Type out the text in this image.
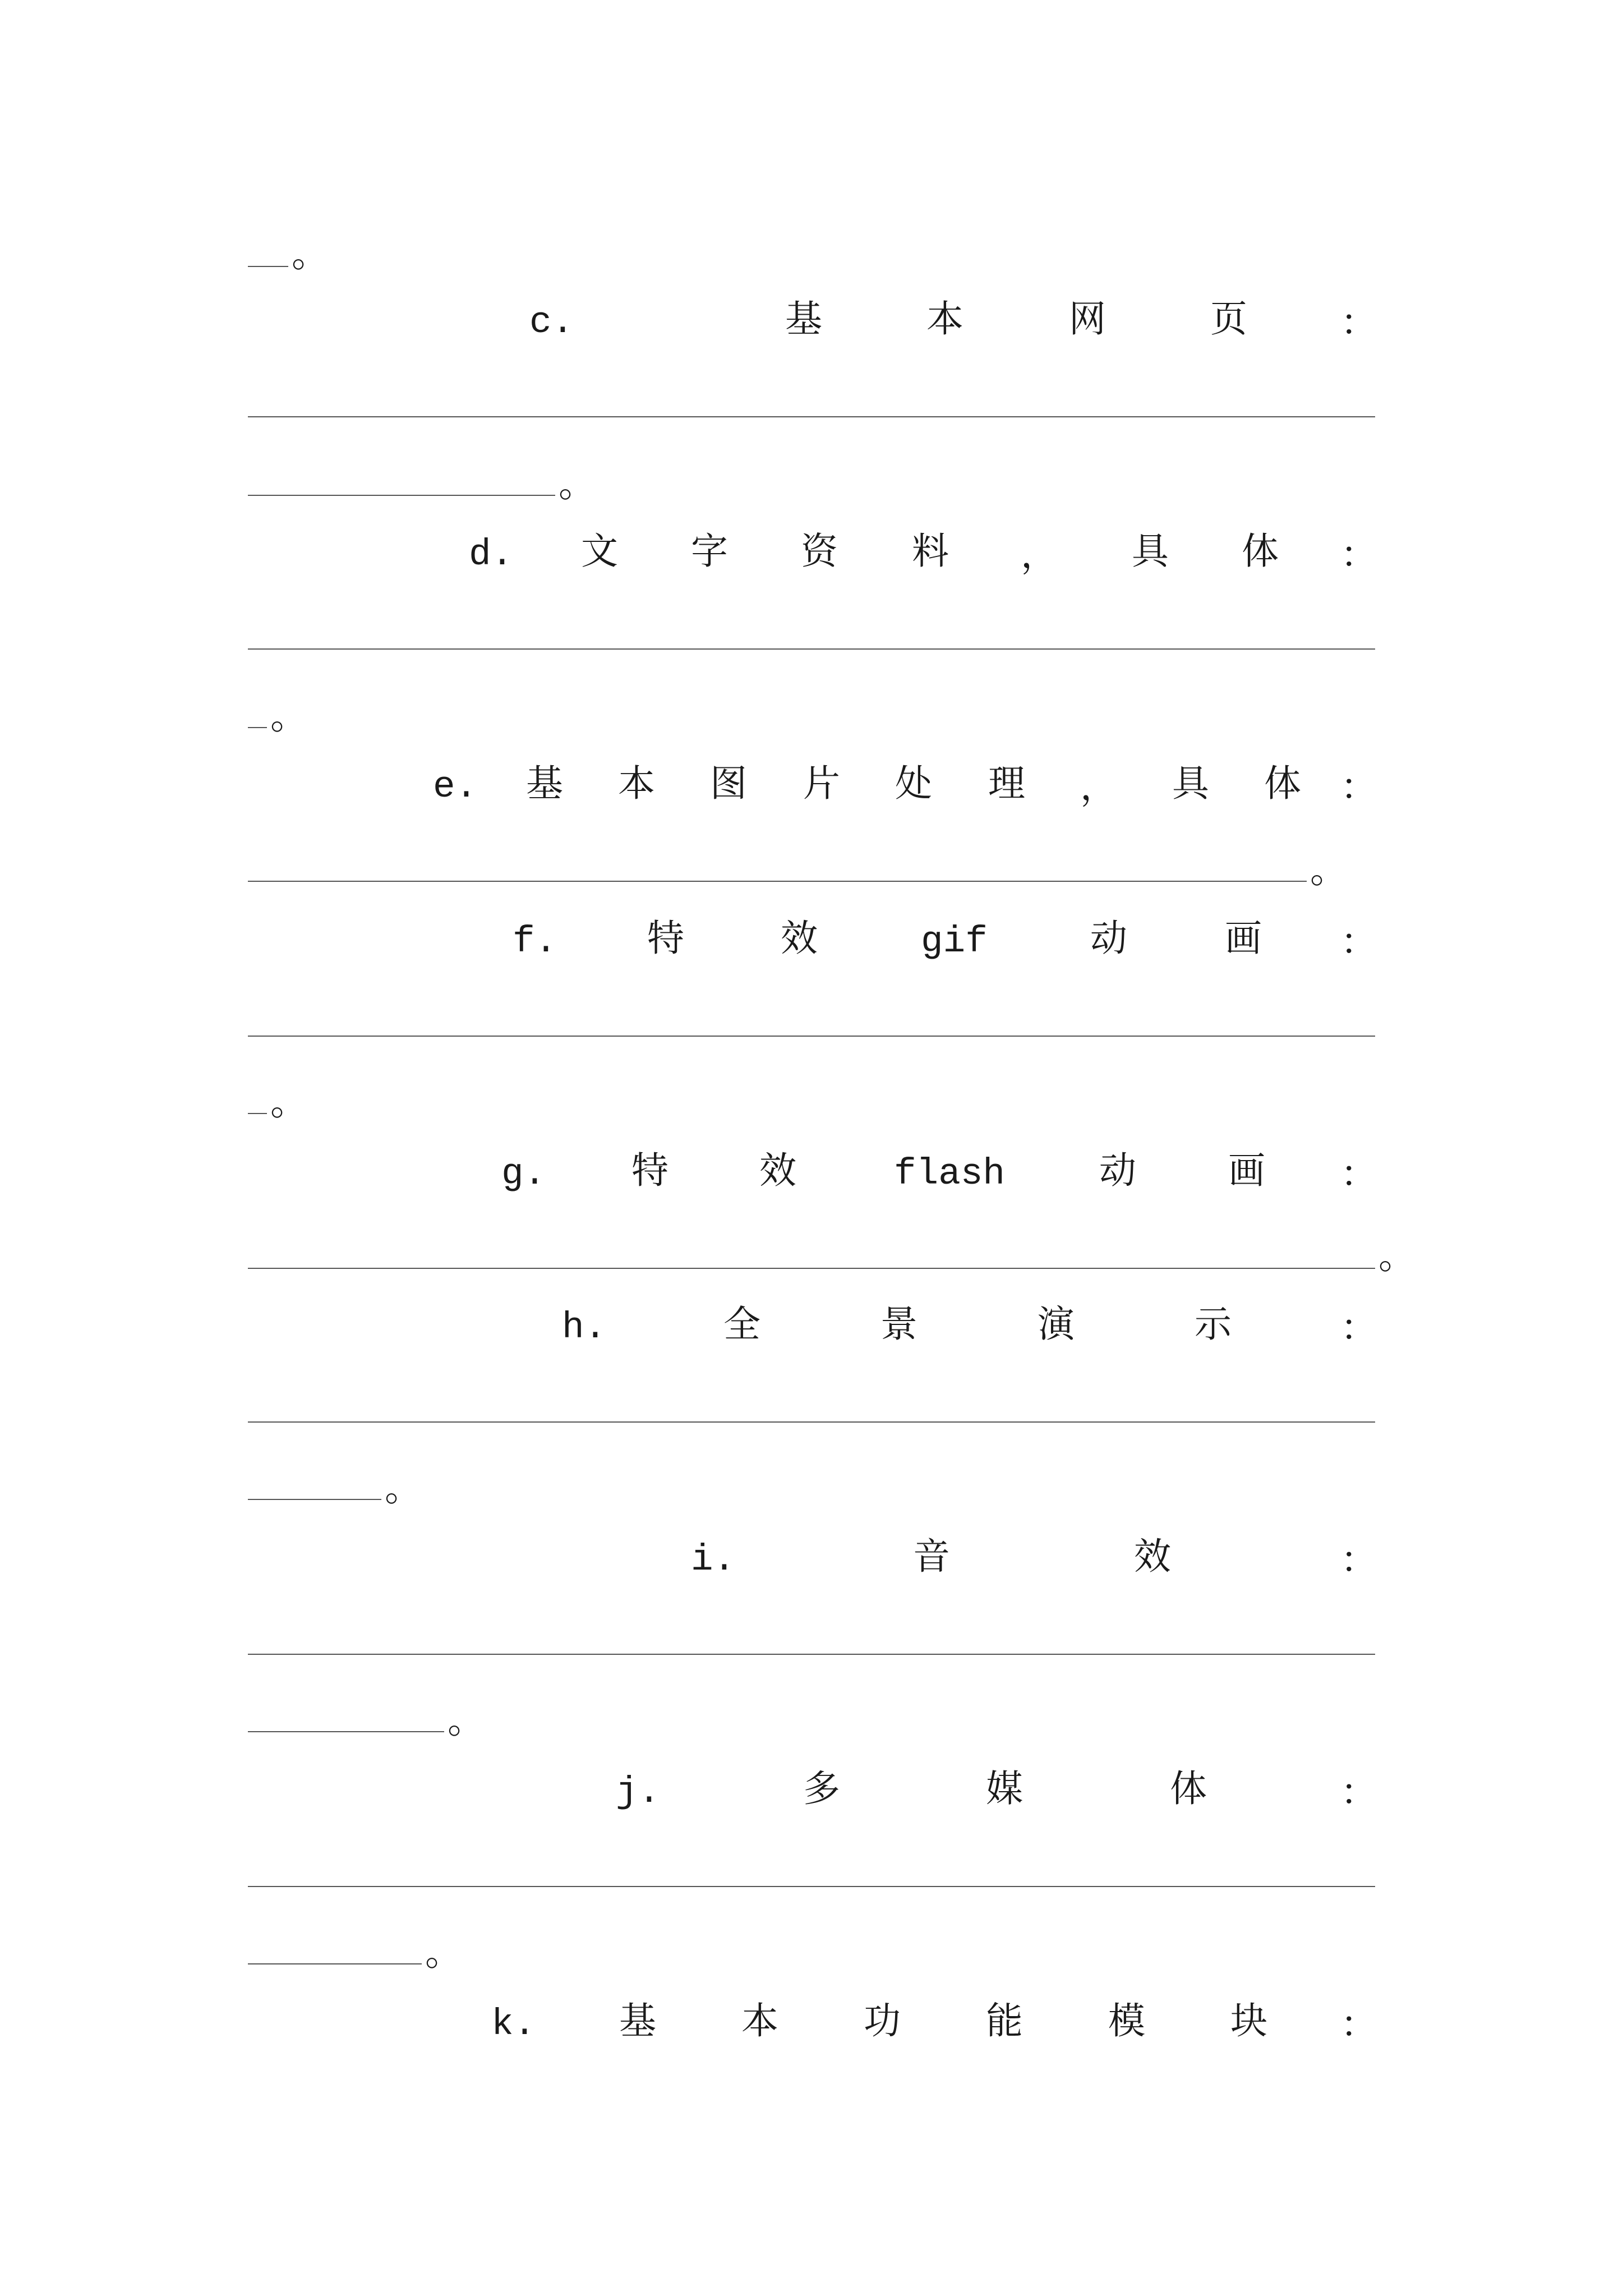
。
c.	基	本	网	页	：
。
d. 文 字 资 料 ， 具 体 ：
。
e. 基 本 图 片 处 理 ， 具 体 ：
。
f. 特	效	gif	动	画 ：
。
g. 特 效	flash	动 画 ：
。
h.	全	景	演	示	：
。
i.	音	效	：
。
j.	多	媒	体	：
。
k. 基 本 功 能 模 块 ：
